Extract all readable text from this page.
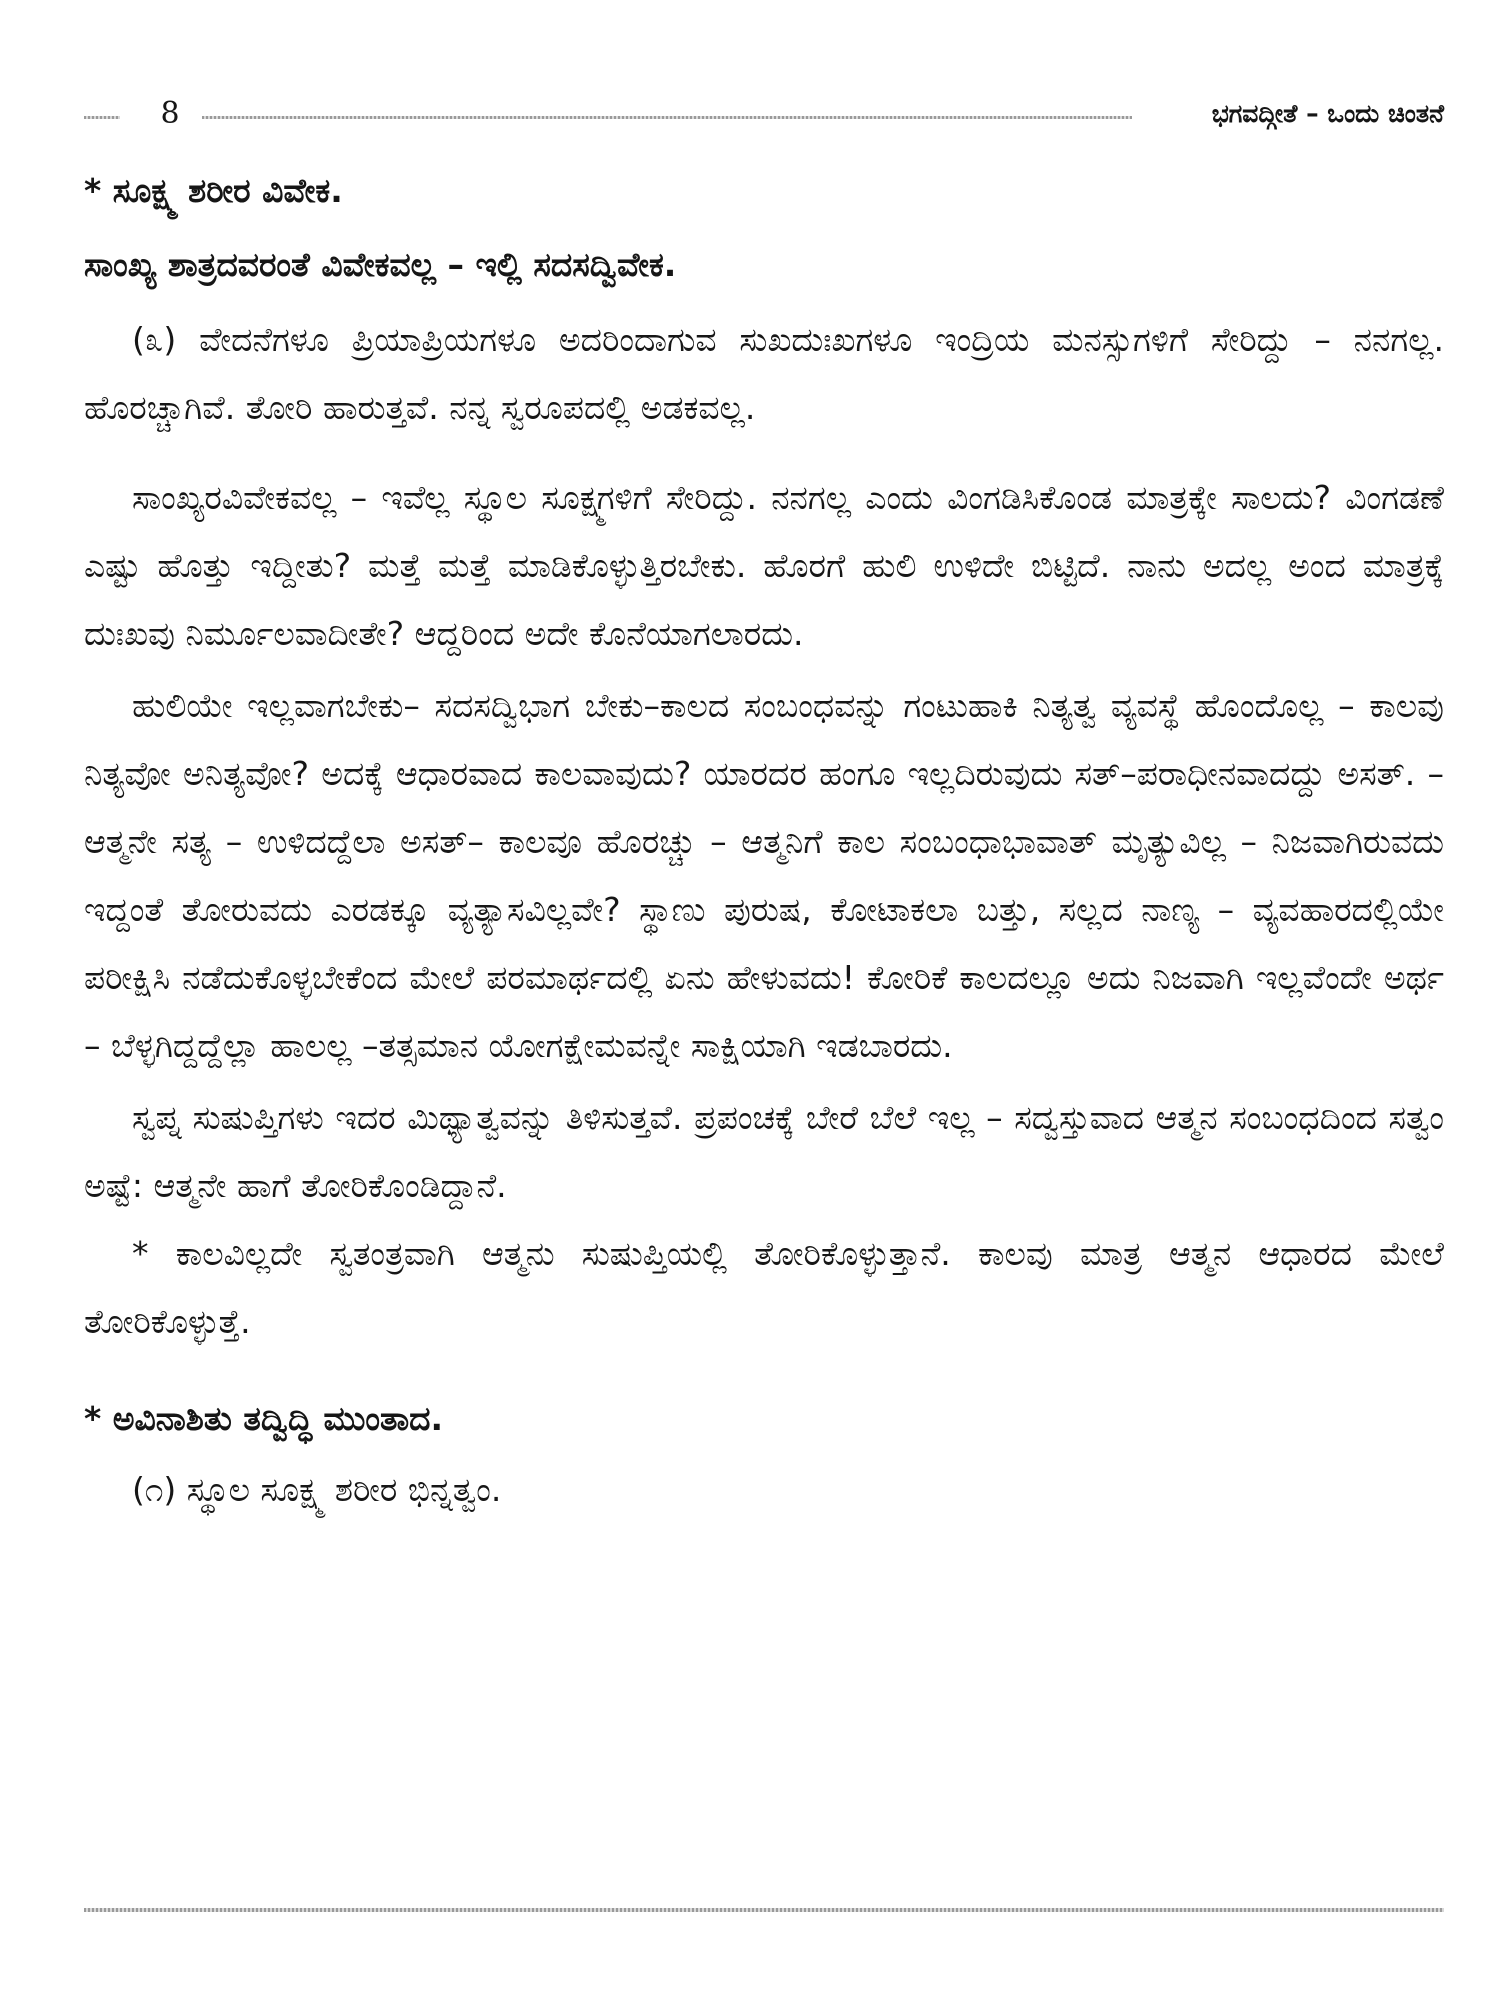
8	ಭಗವದ್ಗೀತೆ – ಒಂದು ಚಿಂತನೆ

* ಸೂಕ್ಷ್ಮ ಶರೀರ ವಿವೇಕ.

ಸಾಂಖ್ಯ ಶಾತ್ರದವರಂತೆ ವಿವೇಕವಲ್ಲ – ಇಲ್ಲಿ ಸದಸದ್ವಿವೇಕ.

(೩) ವೇದನೆಗಳೂ ಪ್ರಿಯಾಪ್ರಿಯಗಳೂ ಅದರಿಂದಾಗುವ ಸುಖದುಃಖಗಳೂ ಇಂದ್ರಿಯ ಮನಸ್ಸುಗಳಿಗೆ ಸೇರಿದ್ದು – ನನಗಲ್ಲ. ಹೊರಚ್ಚಾಗಿವೆ. ತೋರಿ ಹಾರುತ್ತವೆ. ನನ್ನ ಸ್ವರೂಪದಲ್ಲಿ ಅಡಕವಲ್ಲ.

ಸಾಂಖ್ಯರವಿವೇಕವಲ್ಲ – ಇವೆಲ್ಲ ಸ್ಥೂಲ ಸೂಕ್ಷ್ಮಗಳಿಗೆ ಸೇರಿದ್ದು. ನನಗಲ್ಲ ಎಂದು ವಿಂಗಡಿಸಿಕೊಂಡ ಮಾತ್ರಕ್ಕೇ ಸಾಲದು? ವಿಂಗಡಣೆ ಎಷ್ಟು ಹೊತ್ತು ಇದ್ದೀತು? ಮತ್ತೆ ಮತ್ತೆ ಮಾಡಿಕೊಳ್ಳುತ್ತಿರಬೇಕು. ಹೊರಗೆ ಹುಲಿ ಉಳಿದೇ ಬಿಟ್ಟಿದೆ. ನಾನು ಅದಲ್ಲ ಅಂದ ಮಾತ್ರಕ್ಕೆ ದುಃಖವು ನಿರ್ಮೂಲವಾದೀತೇ? ಆದ್ದರಿಂದ ಅದೇ ಕೊನೆಯಾಗಲಾರದು.

ಹುಲಿಯೇ ಇಲ್ಲವಾಗಬೇಕು– ಸದಸದ್ವಿಭಾಗ ಬೇಕು–ಕಾಲದ ಸಂಬಂಧವನ್ನು ಗಂಟುಹಾಕಿ ನಿತ್ಯತ್ವ ವ್ಯವಸ್ಥೆ ಹೊಂದೊಲ್ಲ – ಕಾಲವು ನಿತ್ಯವೋ ಅನಿತ್ಯವೋ? ಅದಕ್ಕೆ ಆಧಾರವಾದ ಕಾಲವಾವುದು? ಯಾರದರ ಹಂಗೂ ಇಲ್ಲದಿರುವುದು ಸತ್–ಪರಾಧೀನವಾದದ್ದು ಅಸತ್. – ಆತ್ಮನೇ ಸತ್ಯ – ಉಳಿದದ್ದೆಲಾ ಅಸತ್– ಕಾಲವೂ ಹೊರಚ್ಚು – ಆತ್ಮನಿಗೆ ಕಾಲ ಸಂಬಂಧಾಭಾವಾತ್ ಮೃತ್ಯುವಿಲ್ಲ – ನಿಜವಾಗಿರುವದು ಇದ್ದಂತೆ ತೋರುವದು ಎರಡಕ್ಕೂ ವ್ಯತ್ಯಾಸವಿಲ್ಲವೇ? ಸ್ಥಾಣು ಪುರುಷ, ಕೋಟಾಕಲಾ ಬತ್ತು, ಸಲ್ಲದ ನಾಣ್ಯ – ವ್ಯವಹಾರದಲ್ಲಿಯೇ ಪರೀಕ್ಷಿಸಿ ನಡೆದುಕೊಳ್ಳಬೇಕೆಂದ ಮೇಲೆ ಪರಮಾರ್ಥದಲ್ಲಿ ಏನು ಹೇಳುವದು! ಕೋರಿಕೆ ಕಾಲದಲ್ಲೂ ಅದು ನಿಜವಾಗಿ ಇಲ್ಲವೆಂದೇ ಅರ್ಥ – ಬೆಳ್ಳಗಿದ್ದದ್ದೆಲ್ಲಾ ಹಾಲಲ್ಲ –ತತ್ಸಮಾನ ಯೋಗಕ್ಷೇಮವನ್ನೇ ಸಾಕ್ಷಿಯಾಗಿ ಇಡಬಾರದು.

ಸ್ವಪ್ನ ಸುಷುಪ್ತಿಗಳು ಇದರ ಮಿಥ್ಯಾತ್ವವನ್ನು ತಿಳಿಸುತ್ತವೆ. ಪ್ರಪಂಚಕ್ಕೆ ಬೇರೆ ಬೆಲೆ ಇಲ್ಲ – ಸದ್ವಸ್ತುವಾದ ಆತ್ಮನ ಸಂಬಂಧದಿಂದ ಸತ್ವಂ ಅಷ್ಟೆ: ಆತ್ಮನೇ ಹಾಗೆ ತೋರಿಕೊಂಡಿದ್ದಾನೆ.

* ಕಾಲವಿಲ್ಲದೇ ಸ್ವತಂತ್ರವಾಗಿ ಆತ್ಮನು ಸುಷುಪ್ತಿಯಲ್ಲಿ ತೋರಿಕೊಳ್ಳುತ್ತಾನೆ. ಕಾಲವು ಮಾತ್ರ ಆತ್ಮನ ಆಧಾರದ ಮೇಲೆ ತೋರಿಕೊಳ್ಳುತ್ತೆ.

* ಅವಿನಾಶಿತು ತದ್ವಿದ್ಧಿ ಮುಂತಾದ.

(೧) ಸ್ಥೂಲ ಸೂಕ್ಷ್ಮ ಶರೀರ ಭಿನ್ನತ್ವಂ.
